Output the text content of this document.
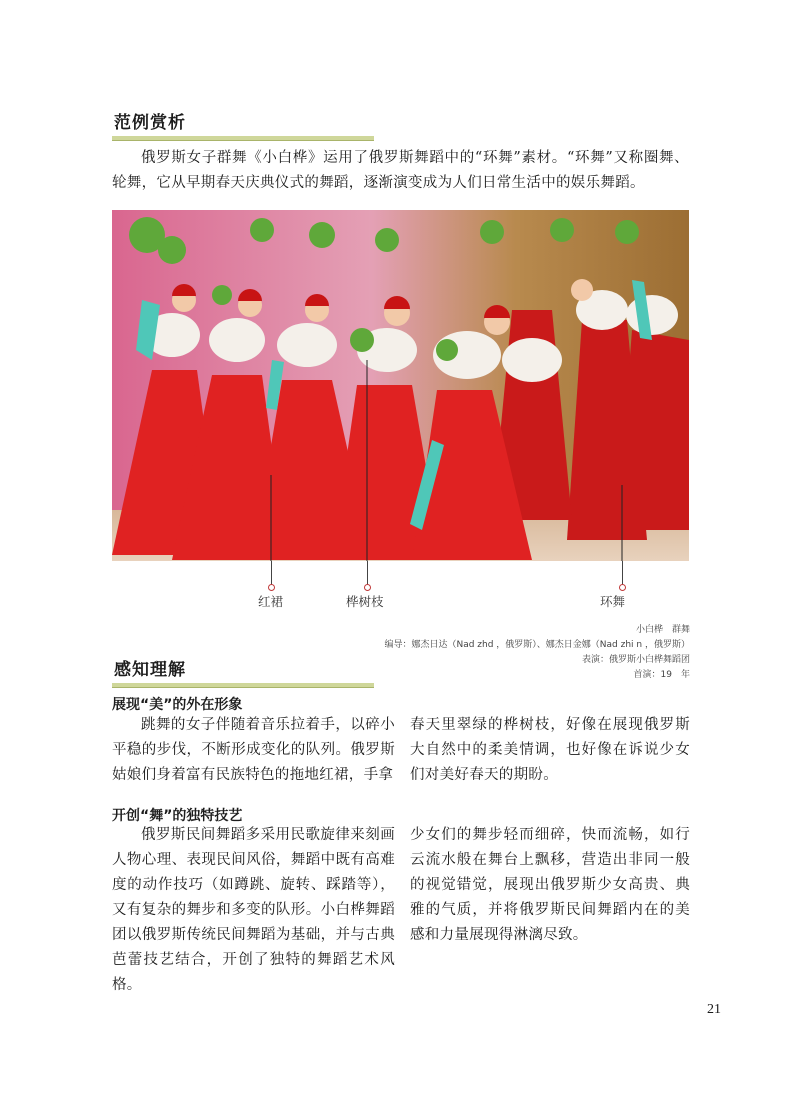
范例赏析

俄罗斯女子群舞《小白桦》运用了俄罗斯舞蹈中的“环舞”素材。“环舞”又称圈舞、轮舞，它从早期春天庆典仪式的舞蹈，逐渐演变成为人们日常生活中的娱乐舞蹈。

红裙	桦树枝	环舞
小白桦　群舞
编导：娜杰日达（Nad zhd ，俄罗斯）、娜杰日金娜（Nad zhi n ，俄罗斯）
表演：俄罗斯小白桦舞蹈团
首演：19　年
感知理解
展现“美”的外在形象

跳舞的女子伴随着音乐拉着手，以碎小平稳的步伐，不断形成变化的队列。俄罗斯姑娘们身着富有民族特色的拖地红裙，手拿

春天里翠绿的桦树枝，好像在展现俄罗斯大自然中的柔美情调，也好像在诉说少女们对美好春天的期盼。

开创“舞”的独特技艺

俄罗斯民间舞蹈多采用民歌旋律来刻画人物心理、表现民间风俗，舞蹈中既有高难度的动作技巧（如蹲跳、旋转、踩踏等），又有复杂的舞步和多变的队形。小白桦舞蹈团以俄罗斯传统民间舞蹈为基础，并与古典芭蕾技艺结合，开创了独特的舞蹈艺术风格。

少女们的舞步轻而细碎，快而流畅，如行云流水般在舞台上飘移，营造出非同一般的视觉错觉，展现出俄罗斯少女高贵、典雅的气质，并将俄罗斯民间舞蹈内在的美感和力量展现得淋漓尽致。

21
